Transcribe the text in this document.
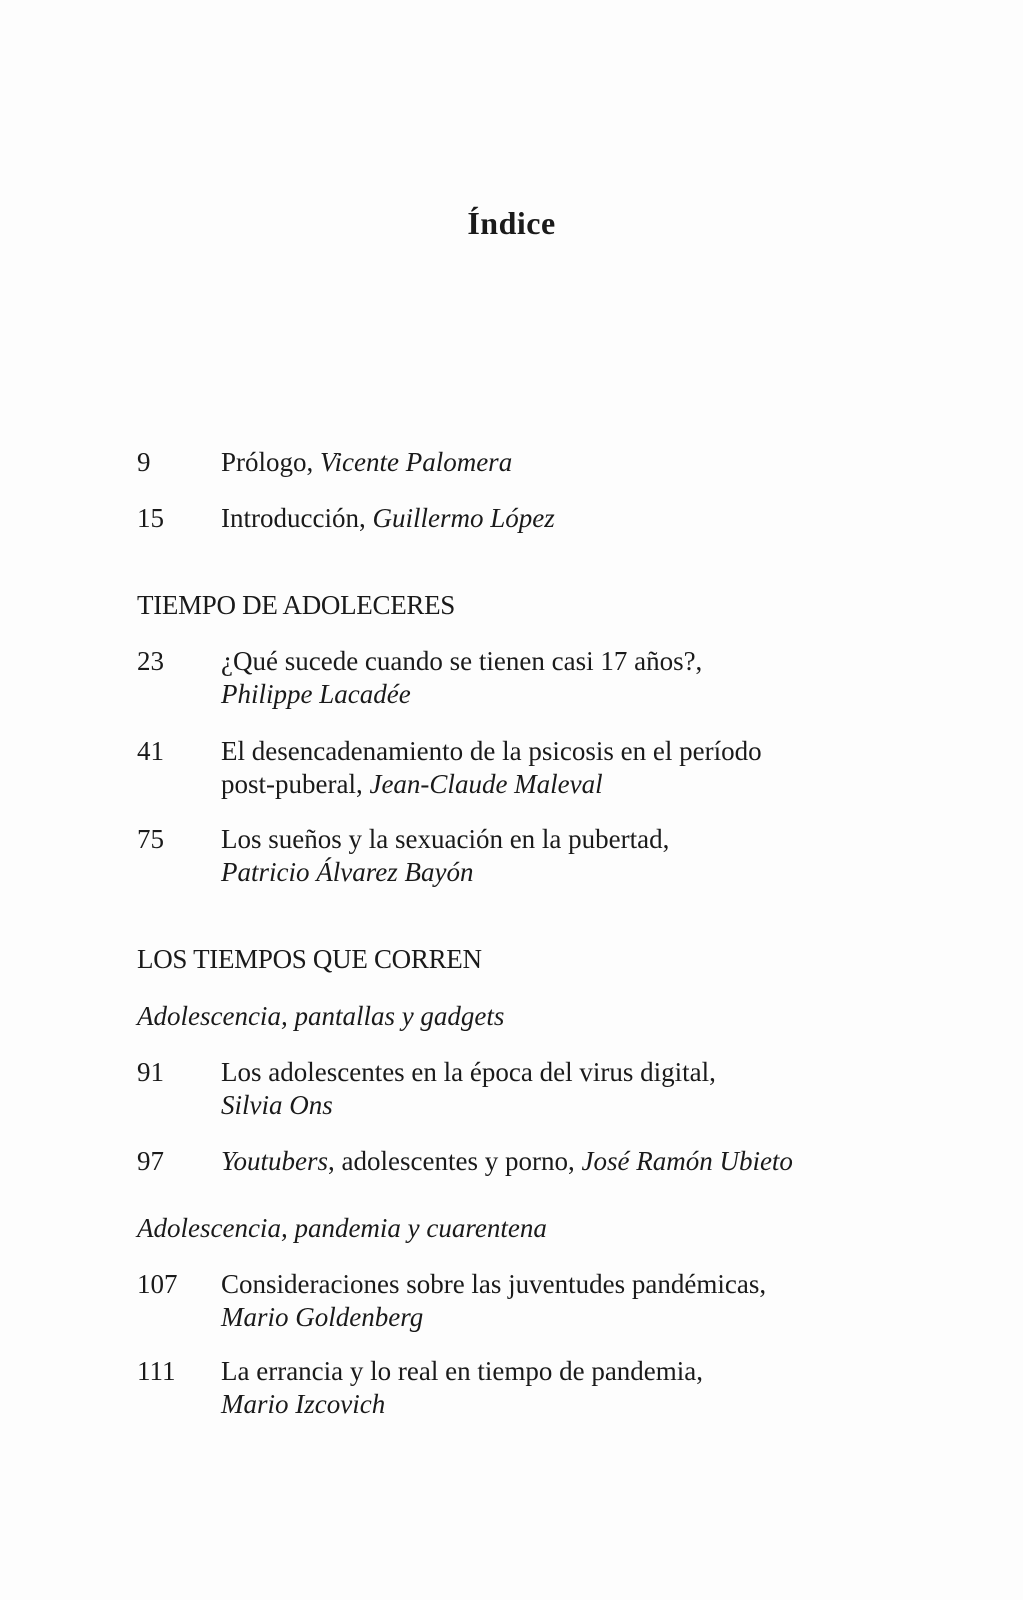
Índice
9	Prólogo, Vicente Palomera
15	Introducción, Guillermo López
TIEMPO DE ADOLECERES
23	¿Qué sucede cuando se tienen casi 17 años?,
Philippe Lacadée
41	El desencadenamiento de la psicosis en el período
post-puberal, Jean-Claude Maleval
75	Los sueños y la sexuación en la pubertad,
Patricio Álvarez Bayón
LOS TIEMPOS QUE CORREN
Adolescencia, pantallas y gadgets
91	Los adolescentes en la época del virus digital,
Silvia Ons
97	Youtubers, adolescentes y porno, José Ramón Ubieto
Adolescencia, pandemia y cuarentena
107	Consideraciones sobre las juventudes pandémicas,
Mario Goldenberg
111	La errancia y lo real en tiempo de pandemia,
Mario Izcovich
